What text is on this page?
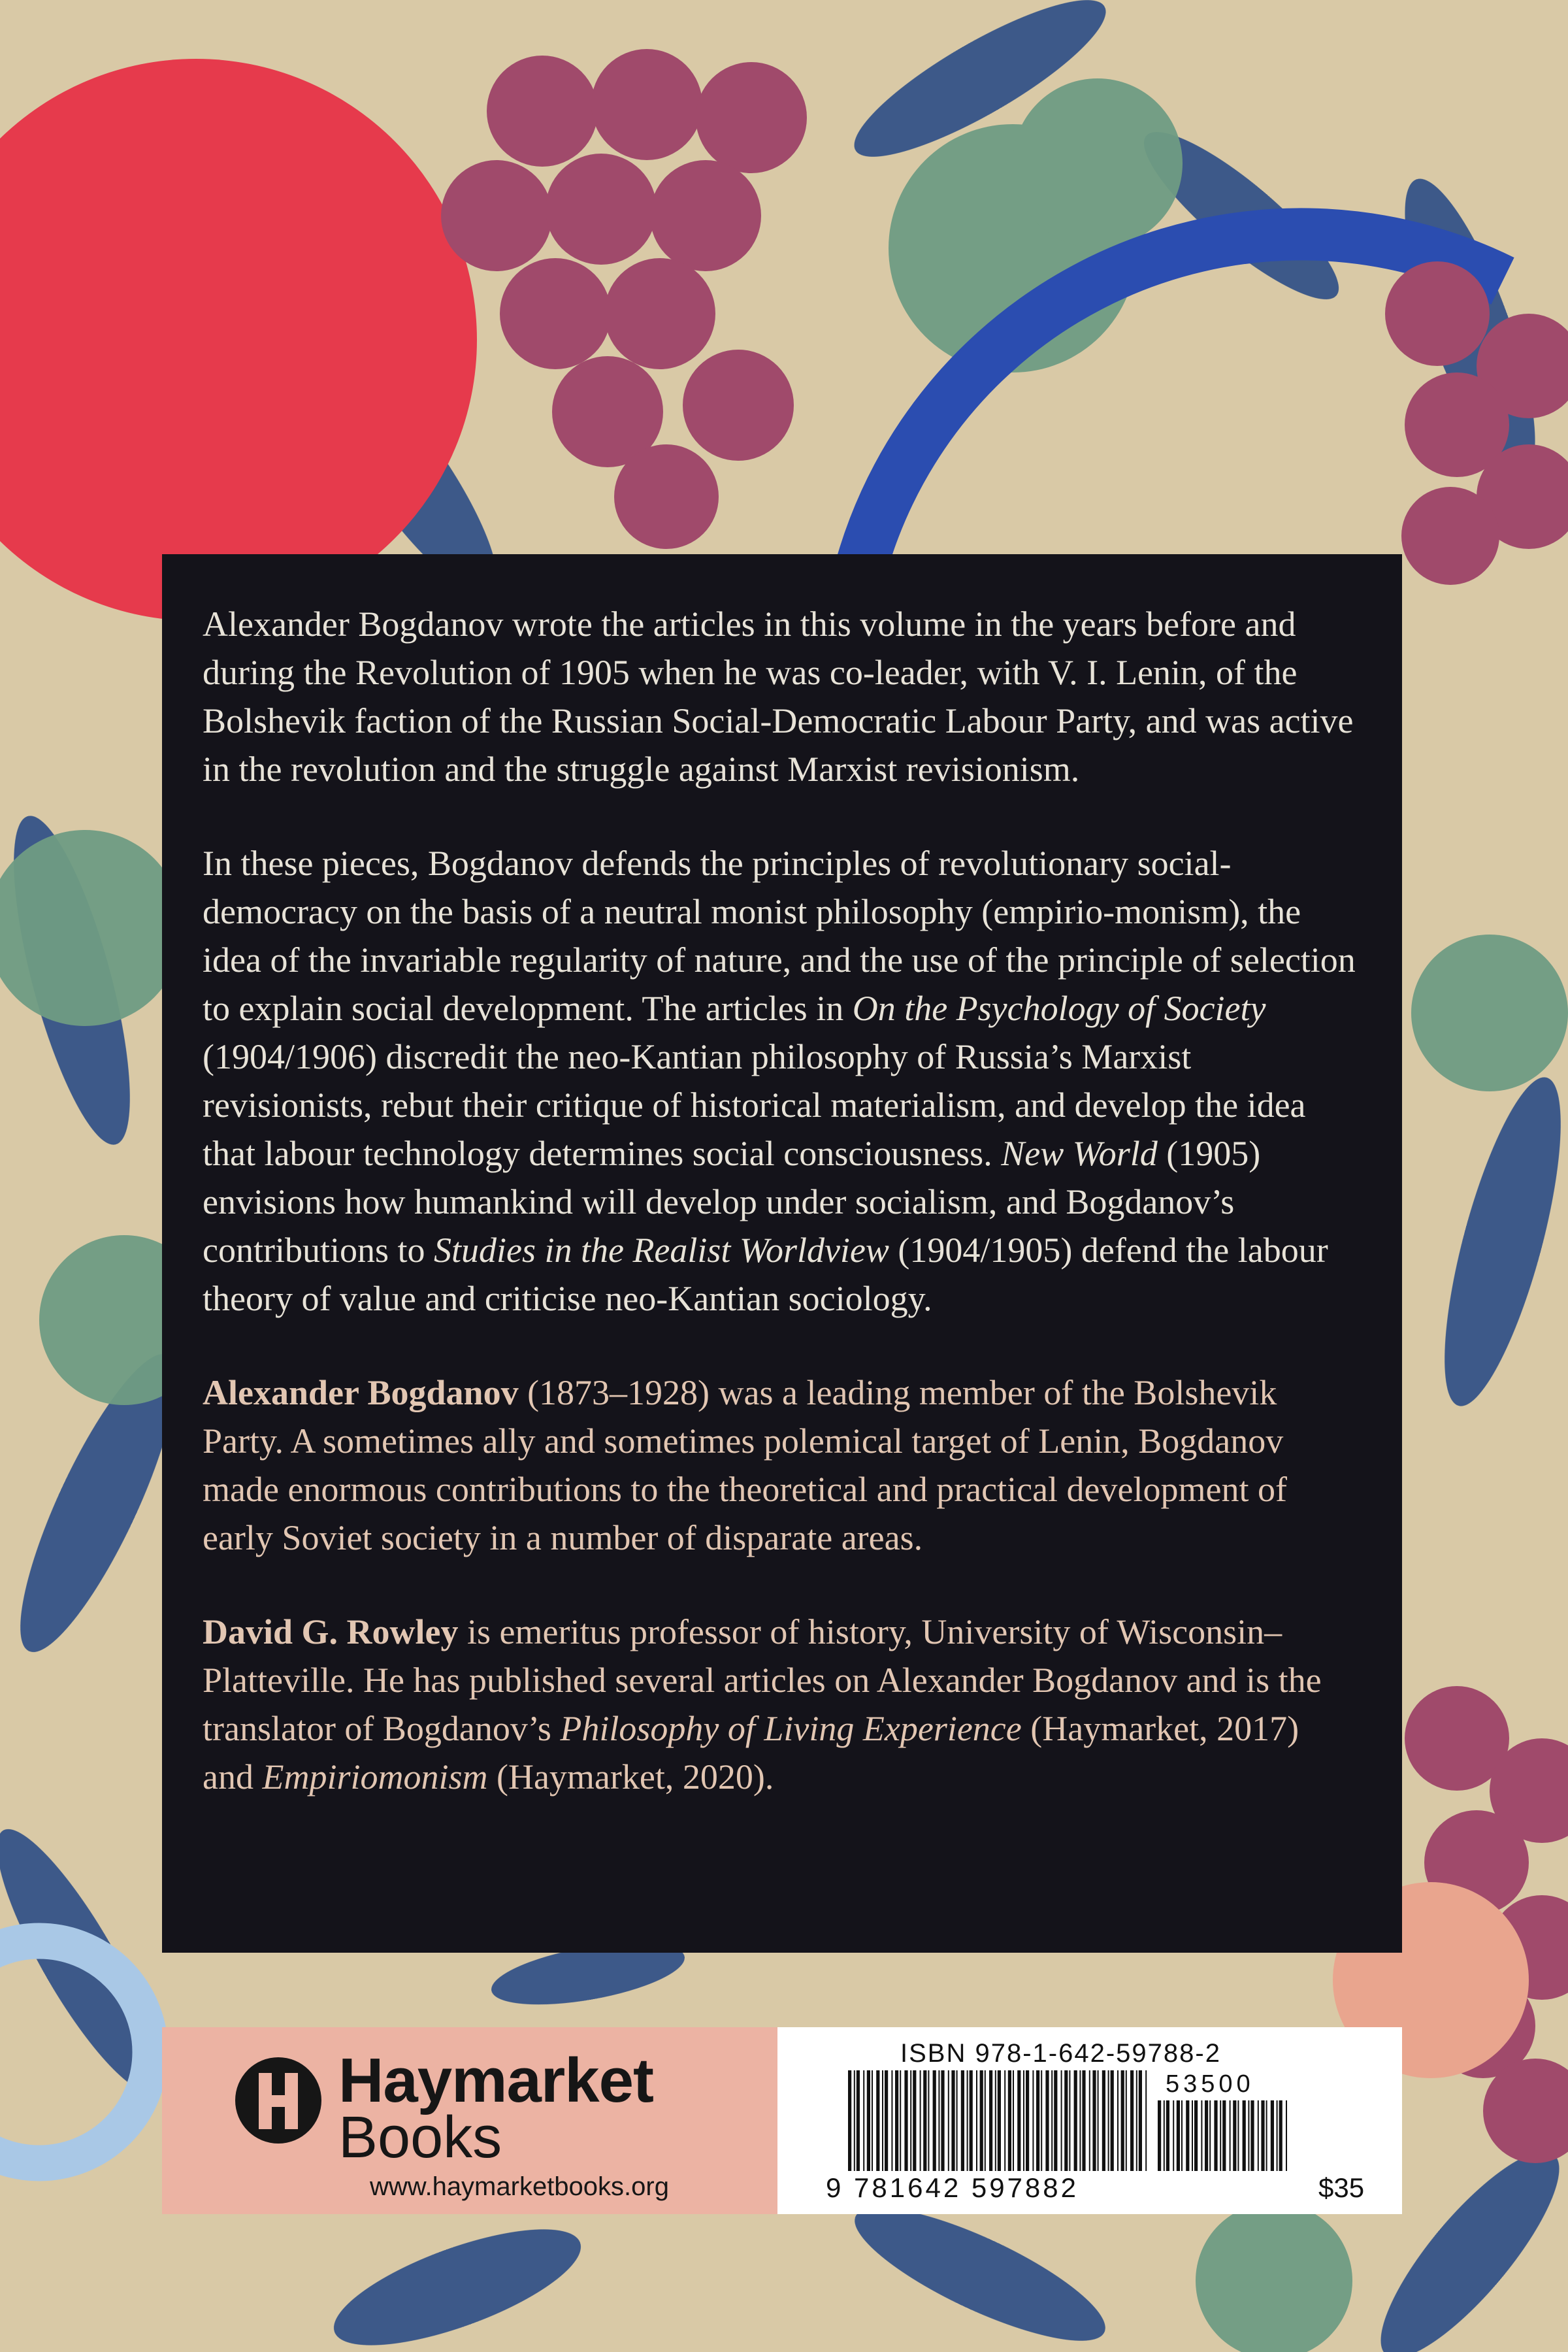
Alexander Bogdanov wrote the articles in this volume in the years before and during the Revolution of 1905 when he was co-leader, with V. I. Lenin, of the Bolshevik faction of the Russian Social-Democratic Labour Party, and was active in the revolution and the struggle against Marxist revisionism.

In these pieces, Bogdanov defends the principles of revolutionary social-democracy on the basis of a neutral monist philosophy (empirio-monism), the idea of the invariable regularity of nature, and the use of the principle of selection to explain social development. The articles in On the Psychology of Society (1904/1906) discredit the neo-Kantian philosophy of Russia’s Marxist revisionists, rebut their critique of historical materialism, and develop the idea that labour technology determines social consciousness. New World (1905) envisions how humankind will develop under socialism, and Bogdanov’s contributions to Studies in the Realist Worldview (1904/1905) defend the labour theory of value and criticise neo-Kantian sociology.

Alexander Bogdanov (1873–1928) was a leading member of the Bolshevik Party. A sometimes ally and sometimes polemical target of Lenin, Bogdanov made enormous contributions to the theoretical and practical development of early Soviet society in a number of disparate areas.

David G. Rowley is emeritus professor of history, University of Wisconsin–Platteville. He has published several articles on Alexander Bogdanov and is the translator of Bogdanov’s Philosophy of Living Experience (Haymarket, 2017) and Empiriomonism (Haymarket, 2020).

Haymarket
Books
www.haymarketbooks.org
ISBN 978-1-642-59788-2
53500
9 781642 597882	$35
